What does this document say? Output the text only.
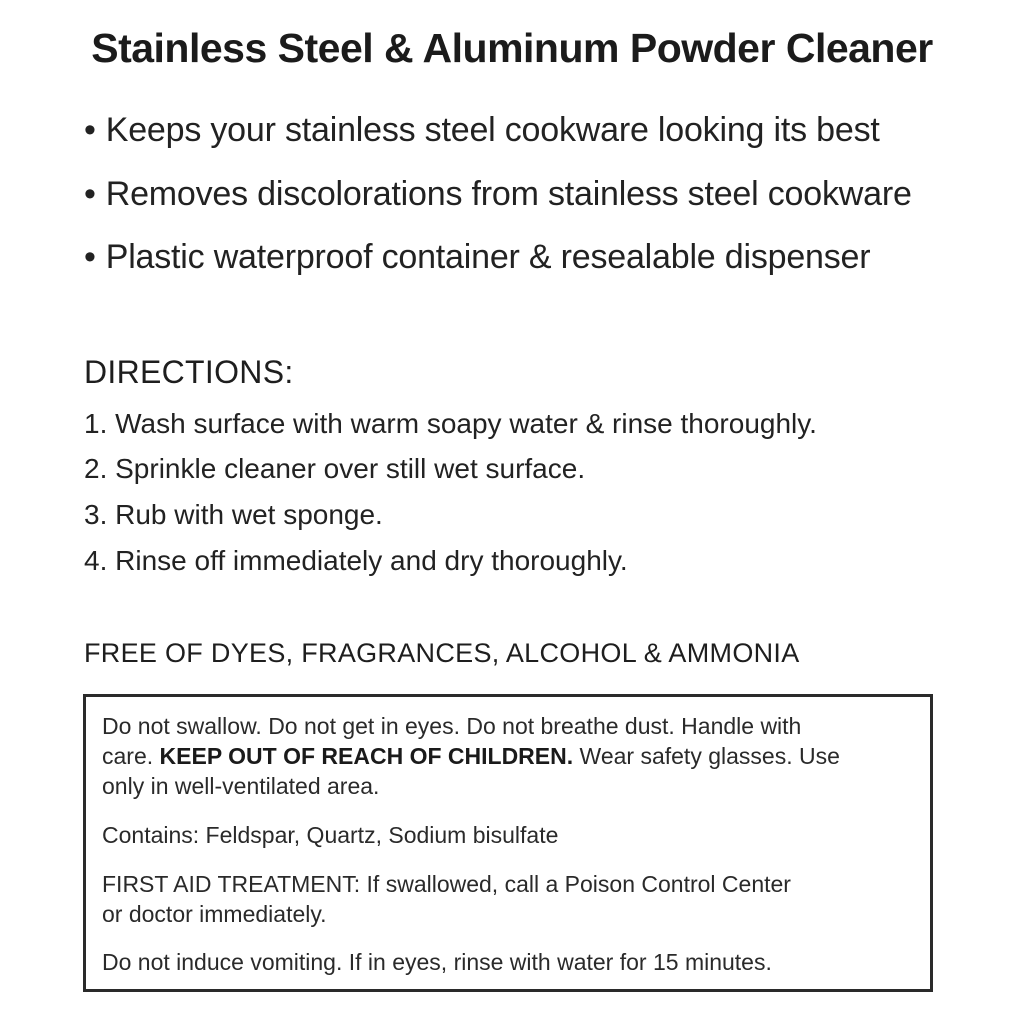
Stainless Steel & Aluminum Powder Cleaner
• Keeps your stainless steel cookware looking its best
• Removes discolorations from stainless steel cookware
• Plastic waterproof container & resealable dispenser
DIRECTIONS:
1. Wash surface with warm soapy water & rinse thoroughly.
2. Sprinkle cleaner over still wet surface.
3. Rub with wet sponge.
4. Rinse off immediately and dry thoroughly.
FREE OF DYES, FRAGRANCES, ALCOHOL & AMMONIA
Do not swallow. Do not get in eyes. Do not breathe dust. Handle with
care. KEEP OUT OF REACH OF CHILDREN. Wear safety glasses. Use
only in well-ventilated area.
Contains: Feldspar, Quartz, Sodium bisulfate
FIRST AID TREATMENT: If swallowed, call a Poison Control Center
or doctor immediately.
Do not induce vomiting. If in eyes, rinse with water for 15 minutes.
